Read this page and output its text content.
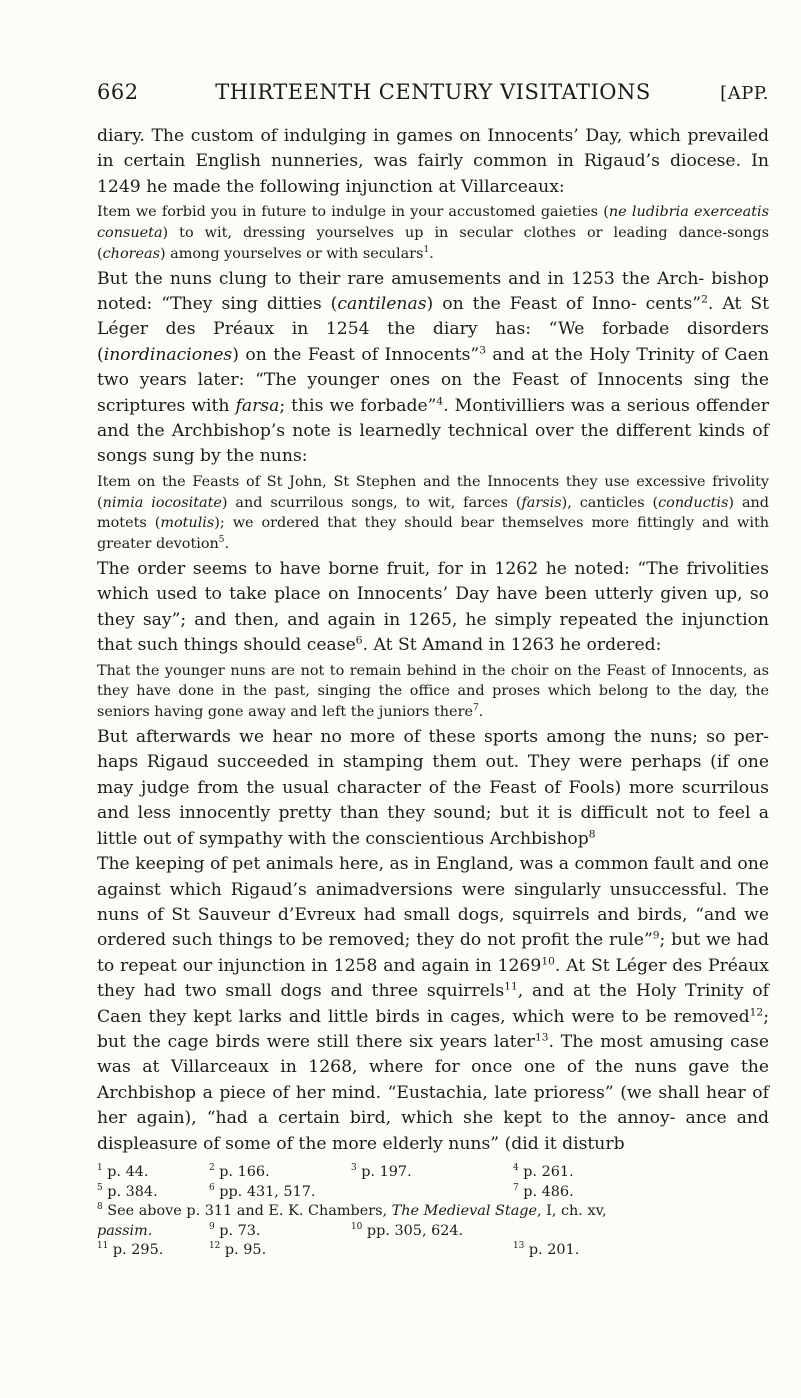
662	THIRTEENTH CENTURY VISITATIONS	[APP.

diary. The custom of indulging in games on Innocents’ Day, which prevailed in certain English nunneries, was fairly common in Rigaud’s diocese. In 1249 he made the following injunction at Villarceaux:

Item we forbid you in future to indulge in your accustomed gaieties (ne ludibria exerceatis consueta) to wit, dressing yourselves up in secular clothes or leading dance-songs (choreas) among yourselves or with seculars$^1$.

But the nuns clung to their rare amusements and in 1253 the Arch- bishop noted: “They sing ditties (cantilenas) on the Feast of Inno- cents”$^2$. At St Léger des Préaux in 1254 the diary has: “We forbade disorders (inordinaciones) on the Feast of Innocents”$^3$ and at the Holy Trinity of Caen two years later: “The younger ones on the Feast of Innocents sing the scriptures with farsa; this we forbade”$^4$. Montivilliers was a serious offender and the Archbishop’s note is learnedly technical over the different kinds of songs sung by the nuns:

Item on the Feasts of St John, St Stephen and the Innocents they use excessive frivolity (nimia iocositate) and scurrilous songs, to wit, farces (farsis), canticles (conductis) and motets (motulis); we ordered that they should bear themselves more fittingly and with greater devotion$^5$.

The order seems to have borne fruit, for in 1262 he noted: “The frivolities which used to take place on Innocents’ Day have been utterly given up, so they say”; and then, and again in 1265, he simply repeated the injunction that such things should cease$^6$. At St Amand in 1263 he ordered:

That the younger nuns are not to remain behind in the choir on the Feast of Innocents, as they have done in the past, singing the office and proses which belong to the day, the seniors having gone away and left the juniors there$^7$.

But afterwards we hear no more of these sports among the nuns; so per- haps Rigaud succeeded in stamping them out. They were perhaps (if one may judge from the usual character of the Feast of Fools) more scurrilous and less innocently pretty than they sound; but it is difficult not to feel a little out of sympathy with the conscientious Archbishop$^8$

The keeping of pet animals here, as in England, was a common fault and one against which Rigaud’s animadversions were singularly unsuccessful. The nuns of St Sauveur d’Evreux had small dogs, squirrels and birds, “and we ordered such things to be removed; they do not profit the rule”$^9$; but we had to repeat our injunction in 1258 and again in 1269$^{10}$. At St Léger des Préaux they had two small dogs and three squirrels$^{11}$, and at the Holy Trinity of Caen they kept larks and little birds in cages, which were to be removed$^{12}$; but the cage birds were still there six years later$^{13}$. The most amusing case was at Villarceaux in 1268, where for once one of the nuns gave the Archbishop a piece of her mind. “Eustachia, late prioress” (we shall hear of her again), “had a certain bird, which she kept to the annoy- ance and displeasure of some of the more elderly nuns” (did it disturb

$^1$ p. 44.	$^2$ p. 166.	$^3$ p. 197.	$^4$ p. 261.
$^5$ p. 384.	$^6$ pp. 431, 517.	$^7$ p. 486.
$^8$ See above p. 311 and E. K. Chambers, The Medieval Stage, I, ch. xv,
passim.	$^9$ p. 73.	$^{10}$ pp. 305, 624.
$^{11}$ p. 295.	$^{12}$ p. 95.	$^{13}$ p. 201.
